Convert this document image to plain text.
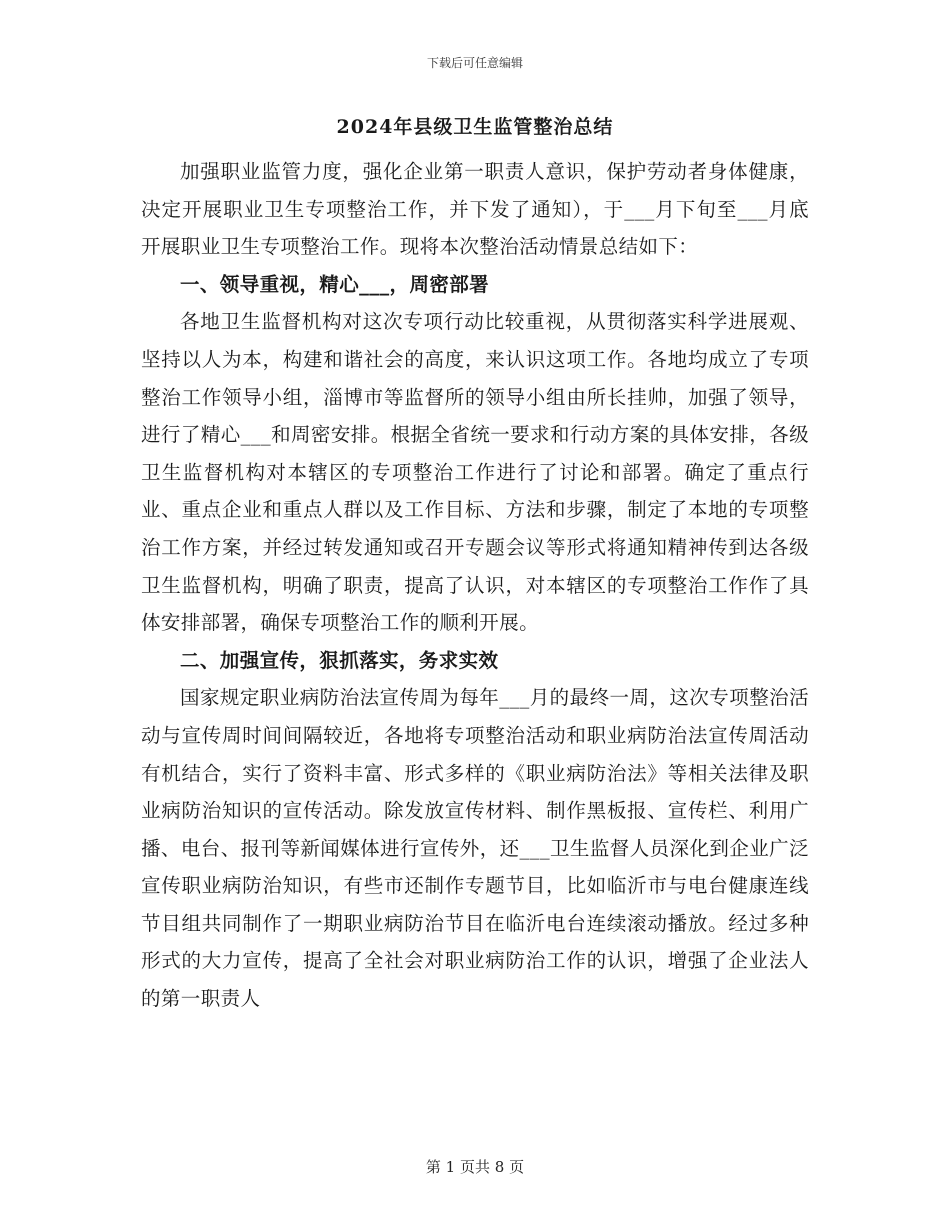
下载后可任意编辑
2024年县级卫生监管整治总结

加强职业监管力度，强化企业第一职责人意识，保护劳动者身体健康，决定开展职业卫生专项整治工作，并下发了通知），于___月下旬至___月底开展职业卫生专项整治工作。现将本次整治活动情景总结如下：

一、领导重视，精心___，周密部署

各地卫生监督机构对这次专项行动比较重视，从贯彻落实科学进展观、坚持以人为本，构建和谐社会的高度，来认识这项工作。各地均成立了专项整治工作领导小组，淄博市等监督所的领导小组由所长挂帅，加强了领导，进行了精心___和周密安排。根据全省统一要求和行动方案的具体安排，各级卫生监督机构对本辖区的专项整治工作进行了讨论和部署。确定了重点行业、重点企业和重点人群以及工作目标、方法和步骤，制定了本地的专项整治工作方案，并经过转发通知或召开专题会议等形式将通知精神传到达各级卫生监督机构，明确了职责，提高了认识，对本辖区的专项整治工作作了具体安排部署，确保专项整治工作的顺利开展。

二、加强宣传，狠抓落实，务求实效

国家规定职业病防治法宣传周为每年___月的最终一周，这次专项整治活动与宣传周时间间隔较近，各地将专项整治活动和职业病防治法宣传周活动有机结合，实行了资料丰富、形式多样的《职业病防治法》等相关法律及职业病防治知识的宣传活动。除发放宣传材料、制作黑板报、宣传栏、利用广播、电台、报刊等新闻媒体进行宣传外，还___卫生监督人员深化到企业广泛宣传职业病防治知识，有些市还制作专题节目，比如临沂市与电台健康连线节目组共同制作了一期职业病防治节目在临沂电台连续滚动播放。经过多种形式的大力宣传，提高了全社会对职业病防治工作的认识，增强了企业法人的第一职责人

第 1 页共 8 页
